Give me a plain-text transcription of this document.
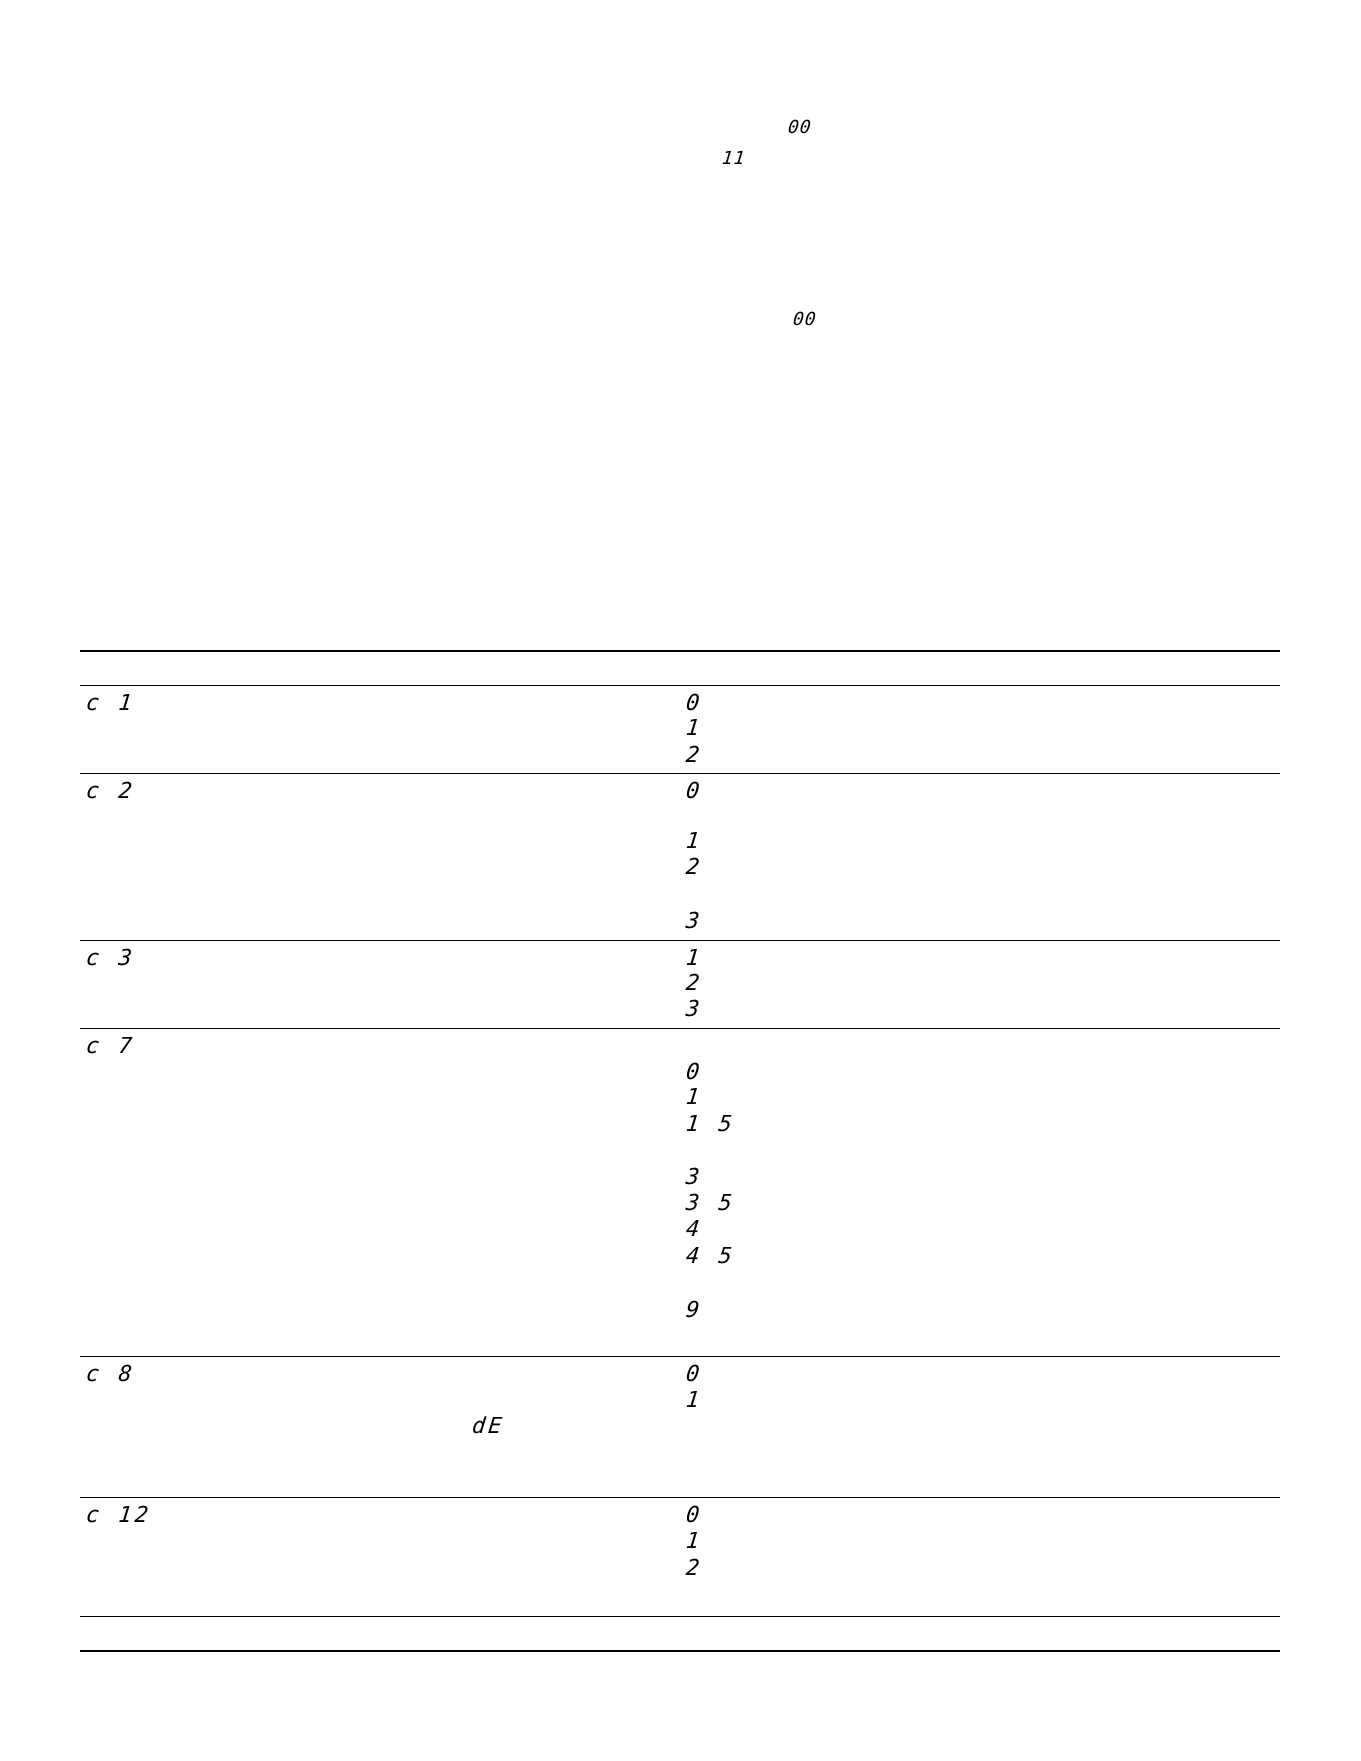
00
11
00
c 1	0
1
2
c 2	0
1
2
3
c 3	1
2
3
c 7
0
1
1 5
3
3 5
4
4 5
9
c 8	0
1
dE
c 12	0
1
2
